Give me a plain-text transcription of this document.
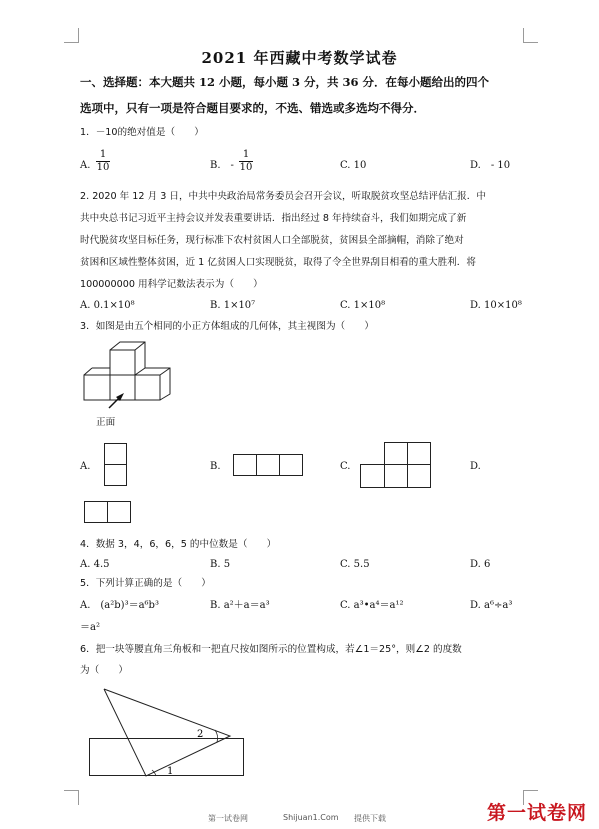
2021 年西藏中考数学试卷
一、选择题：本大题共 12 小题，每小题 3 分，共 36 分．在每小题给出的四个
选项中，只有一项是符合题目要求的，不选、错选或多选均不得分．
1．－10的绝对值是（　　）
A. $\frac{1}{10}$	B.　- $\frac{1}{10}$	C. 10	D.　- 10
2. 2020 年 12 月 3 日，中共中央政治局常务委员会召开会议，听取脱贫攻坚总结评估汇报．中
共中央总书记习近平主持会议并发表重要讲话．指出经过 8 年持续奋斗，我们如期完成了新
时代脱贫攻坚目标任务，现行标准下农村贫困人口全部脱贫，贫困县全部摘帽，消除了绝对
贫困和区域性整体贫困，近 1 亿贫困人口实现脱贫，取得了令全世界刮目相看的重大胜利．将
100000000 用科学记数法表示为（　　）
A. 0.1×10⁸	B. 1×10⁷	C. 1×10⁸	D. 10×10⁸
3．如图是由五个相同的小正方体组成的几何体，其主视图为（　　）
正面
A.	B.	C.	D.
4．数据 3，4，6，6，5 的中位数是（　　）
A. 4.5	B. 5	C. 5.5	D. 6
5．下列计算正确的是（　　）
A.　(a²b)³＝a⁶b³	B. a²＋a＝a³	C. a³•a⁴＝a¹²	D. a⁶÷a³
＝a²
6．把一块等腰直角三角板和一把直尺按如图所示的位置构成，若∠1＝25°，则∠2 的度数
为（　　）
2
1
第一试卷网	Shijuan1.Com 提供下载	第一试卷网
